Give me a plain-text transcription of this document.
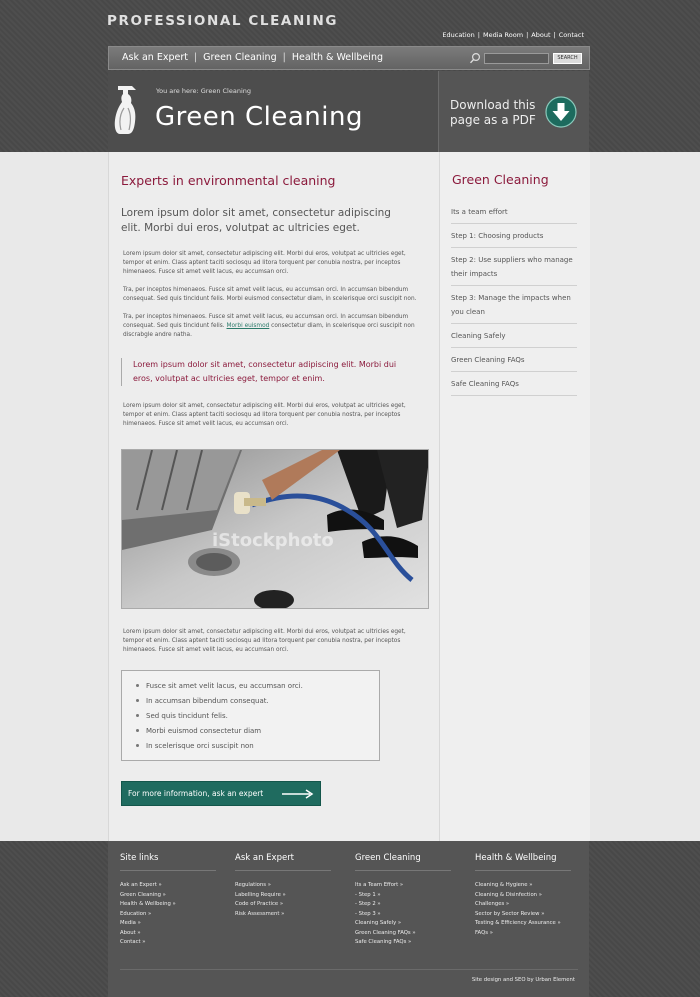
PROFESSIONAL CLEANING
Education | Media Room | About | Contact
Ask an Expert | Green Cleaning | Health & Wellbeing	SEARCH
You are here: Green Cleaning
Green Cleaning	Download this
page as a PDF
Experts in environmental cleaning
Lorem ipsum dolor sit amet, consectetur adipiscing elit. Morbi dui eros, volutpat ac ultricies eget.
Lorem ipsum dolor sit amet, consectetur adipiscing elit. Morbi dui eros, volutpat ac ultricies eget, tempor et enim. Class aptent taciti sociosqu ad litora torquent per conubia nostra, per inceptos himenaeos. Fusce sit amet velit lacus, eu accumsan orci.
Tra, per inceptos himenaeos. Fusce sit amet velit lacus, eu accumsan orci. In accumsan bibendum consequat. Sed quis tincidunt felis. Morbi euismod consectetur diam, in scelerisque orci suscipit non.
Tra, per inceptos himenaeos. Fusce sit amet velit lacus, eu accumsan orci. In accumsan bibendum consequat. Sed quis tincidunt felis. Morbi euismod consectetur diam, in scelerisque orci suscipit non discrabgle andre natha.
Lorem ipsum dolor sit amet, consectetur adipiscing elit. Morbi dui eros, volutpat ac ultricies eget, tempor et enim.
Lorem ipsum dolor sit amet, consectetur adipiscing elit. Morbi dui eros, volutpat ac ultricies eget, tempor et enim. Class aptent taciti sociosqu ad litora torquent per conubia nostra, per inceptos himenaeos. Fusce sit amet velit lacus, eu accumsan orci.
iStockphoto
Lorem ipsum dolor sit amet, consectetur adipiscing elit. Morbi dui eros, volutpat ac ultricies eget, tempor et enim. Class aptent taciti sociosqu ad litora torquent per conubia nostra, per inceptos himenaeos. Fusce sit amet velit lacus, eu accumsan orci.
Fusce sit amet velit lacus, eu accumsan orci.
In accumsan bibendum consequat.
Sed quis tincidunt felis.
Morbi euismod consectetur diam
In scelerisque orci suscipit non
For more information, ask an expert
Green Cleaning
Its a team effort
Step 1: Choosing products
Step 2: Use suppliers who manage their impacts
Step 3: Manage the impacts when you clean
Cleaning Safely
Green Cleaning FAQs
Safe Cleaning FAQs
Site links
Ask an Expert »
Green Cleaning »
Health & Wellbeing »
Education »
Media »
About »
Contact »
Ask an Expert
Regulations »
Labelling Require »
Code of Practice »
Risk Assessment »
Green Cleaning
Its a Team Effort »
- Step 1 »
- Step 2 »
- Step 3 »
Cleaning Safely »
Green Cleaning FAQs »
Safe Cleaning FAQs »
Health & Wellbeing
Cleaning & Hygiene »
Cleaning & Disinfection »
Challenges »
Sector by Sector Review »
Testing & Efficiency Assurance »
FAQs »
Site design and SEO by Urban Element
